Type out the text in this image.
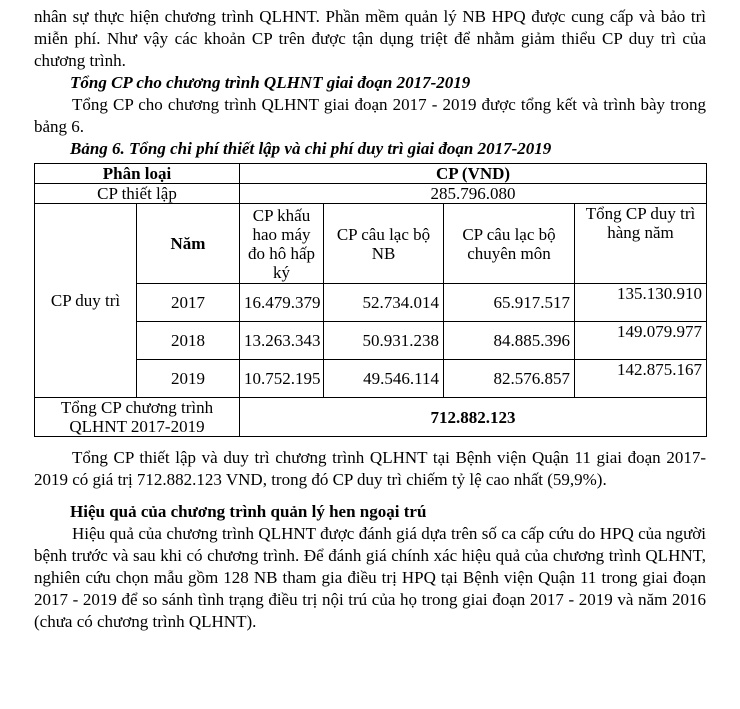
nhân sự thực hiện chương trình QLHNT. Phần mềm quản lý NB HPQ được cung cấp và bảo trì miễn phí. Như vậy các khoản CP trên được tận dụng triệt để nhằm giảm thiểu CP duy trì của chương trình.

Tổng CP cho chương trình QLHNT giai đoạn 2017-2019

Tổng CP cho chương trình QLHNT giai đoạn 2017 - 2019 được tổng kết và trình bày trong bảng 6.

Bảng 6. Tổng chi phí thiết lập và chi phí duy trì giai đoạn 2017-2019

Phân loại		CP (VND)			
CP thiết lập		285.796.080			
CP duy trì	Năm	CP khấu hao máy đo hô hấp ký	CP câu lạc bộ NB	CP câu lạc bộ chuyên môn	Tổng CP duy trì hàng năm
	2017	16.479.379	52.734.014	65.917.517	135.130.910
	2018	13.263.343	50.931.238	84.885.396	149.079.977
	2019	10.752.195	49.546.114	82.576.857	142.875.167
Tổng CP chương trình QLHNT 2017-2019		712.882.123			

Tổng CP thiết lập và duy trì chương trình QLHNT tại Bệnh viện Quận 11 giai đoạn 2017-2019 có giá trị 712.882.123 VND, trong đó CP duy trì chiếm tỷ lệ cao nhất (59,9%).

Hiệu quả của chương trình quản lý hen ngoại trú

Hiệu quả của chương trình QLHNT được đánh giá dựa trên số ca cấp cứu do HPQ của người bệnh trước và sau khi có chương trình. Để đánh giá chính xác hiệu quả của chương trình QLHNT, nghiên cứu chọn mẫu gồm 128 NB tham gia điều trị HPQ tại Bệnh viện Quận 11 trong giai đoạn 2017 - 2019 để so sánh tình trạng điều trị nội trú của họ trong giai đoạn 2017 - 2019 và năm 2016 (chưa có chương trình QLHNT).
